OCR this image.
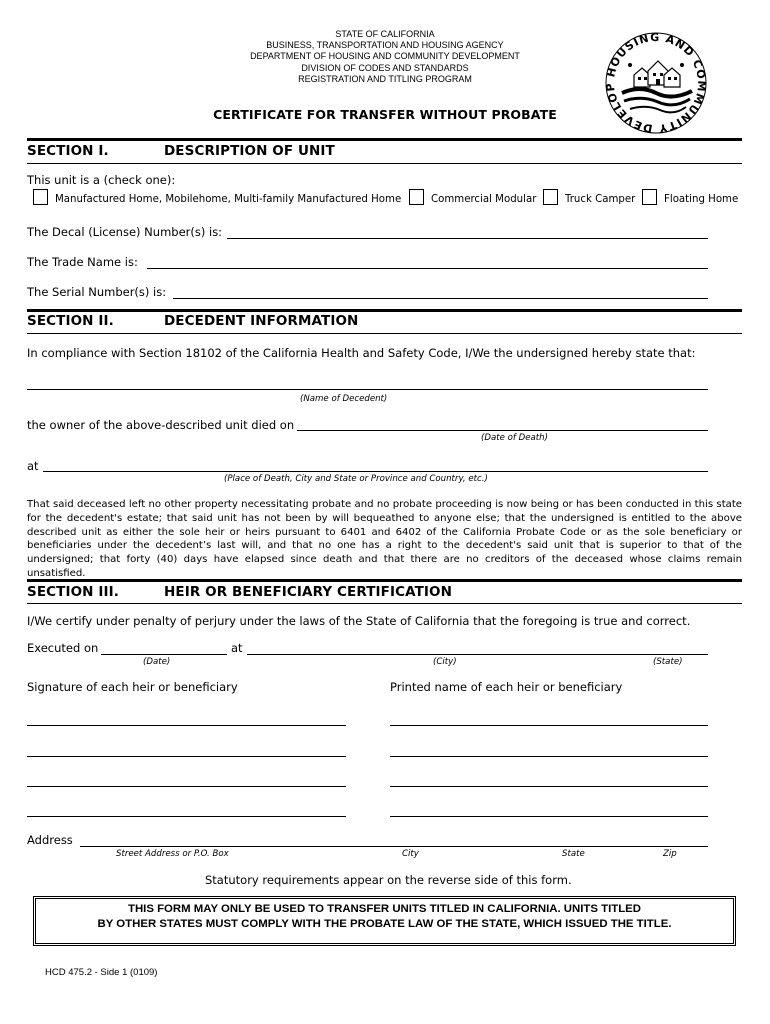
STATE OF CALIFORNIA
BUSINESS, TRANSPORTATION AND HOUSING AGENCY
DEPARTMENT OF HOUSING AND COMMUNITY DEVELOPMENT
DIVISION OF CODES AND STANDARDS
REGISTRATION AND TITLING PROGRAM
HOUSING AND COMMUNITY DEVELOP
CERTIFICATE FOR TRANSFER WITHOUT PROBATE
SECTION I.	DESCRIPTION OF UNIT
This unit is a (check one):
Manufactured Home, Mobilehome, Multi-family Manufactured Home	Commercial Modular	Truck Camper	Floating Home
The Decal (License) Number(s) is:
The Trade Name is:
The Serial Number(s) is:
SECTION II.	DECEDENT INFORMATION
In compliance with Section 18102 of the California Health and Safety Code, I/We the undersigned hereby state that:
(Name of Decedent)
the owner of the above-described unit died on
(Date of Death)
at
(Place of Death, City and State or Province and Country, etc.)
That said deceased left no other property necessitating probate and no probate proceeding is now being or has been conducted in this state for the decedent's estate; that said unit has not been by will bequeathed to anyone else; that the undersigned is entitled to the above described unit as either the sole heir or heirs pursuant to 6401 and 6402 of the California Probate Code or as the sole beneficiary or beneficiaries under the decedent’s last will, and that no one has a right to the decedent's said unit that is superior to that of the undersigned; that forty (40) days have elapsed since death and that there are no creditors of the deceased whose claims remain unsatisfied.
SECTION III.	HEIR OR BENEFICIARY CERTIFICATION
I/We certify under penalty of perjury under the laws of the State of California that the foregoing is true and correct.
Executed on	at
(Date)	(City)	(State)
Signature of each heir or beneficiary	Printed name of each heir or beneficiary
Address
Street Address or P.O. Box	City	State	Zip
Statutory requirements appear on the reverse side of this form.
THIS FORM MAY ONLY BE USED TO TRANSFER UNITS TITLED IN CALIFORNIA. UNITS TITLED
BY OTHER STATES MUST COMPLY WITH THE PROBATE LAW OF THE STATE, WHICH ISSUED THE TITLE.
HCD 475.2 - Side 1 (0109)
